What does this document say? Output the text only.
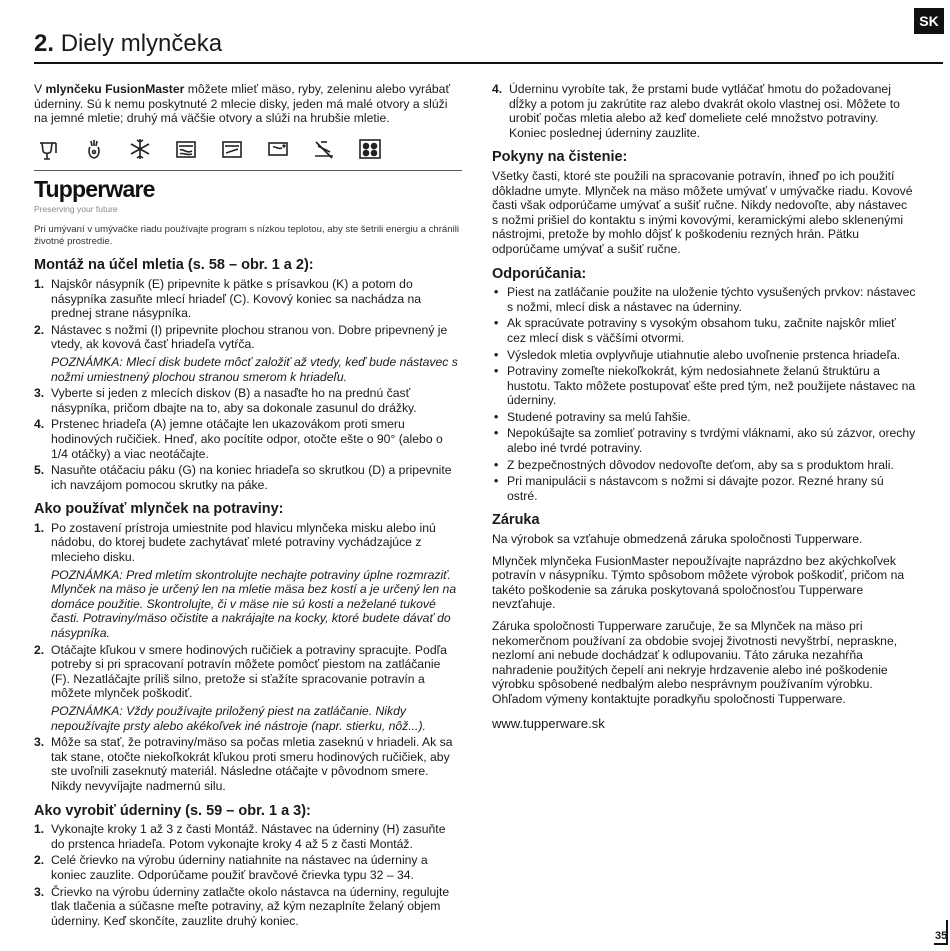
SK
2. Diely mlynčeka

V mlynčeku FusionMaster môžete mlieť mäso, ryby, zeleninu alebo vyrábať úderniny. Sú k nemu poskytnuté 2 mlecie disky, jeden má malé otvory a slúži na jemné mletie; druhý má väčšie otvory a slúži na hrubšie mletie.

Tupperware
Preserving your future
Pri umývaní v umývačke riadu používajte program s nízkou teplotou, aby ste šetrili energiu a chránili životné prostredie.
Montáž na účel mletia (s. 58 – obr. 1 a 2):
1. Najskôr násypník (E) pripevnite k pätke s prísavkou (K) a potom do násypníka zasuňte mlecí hriadeľ (C). Kovový koniec sa nachádza na prednej strane násypníka.
2. Nástavec s nožmi (I) pripevnite plochou stranou von. Dobre pripevnený je vtedy, ak kovová časť hriadeľa vytŕča.
POZNÁMKA: Mlecí disk budete môcť založiť až vtedy, keď bude nástavec s nožmi umiestnený plochou stranou smerom k hriadeľu.
3. Vyberte si jeden z mlecích diskov (B) a nasaďte ho na prednú časť násypníka, pričom dbajte na to, aby sa dokonale zasunul do drážky.
4. Prstenec hriadeľa (A) jemne otáčajte len ukazovákom proti smeru hodinových ručičiek. Hneď, ako pocítite odpor, otočte ešte o 90° (alebo o 1/4 otáčky) a viac neotáčajte.
5. Nasuňte otáčaciu páku (G) na koniec hriadeľa so skrutkou (D) a pripevnite ich navzájom pomocou skrutky na páke.
Ako používať mlynček na potraviny:
1. Po zostavení prístroja umiestnite pod hlavicu mlynčeka misku alebo inú nádobu, do ktorej budete zachytávať mleté potraviny vychádzajúce z mlecieho disku.
POZNÁMKA: Pred mletím skontrolujte nechajte potraviny úplne rozmraziť. Mlynček na mäso je určený len na mletie mäsa bez kostí a je určený len na domáce použitie. Skontrolujte, či v mäse nie sú kosti a neželané tukové časti. Potraviny/mäso očistite a nakrájajte na kocky, ktoré budete dávať do násypníka.
2. Otáčajte kľukou v smere hodinových ručičiek a potraviny spracujte. Podľa potreby si pri spracovaní potravín môžete pomôcť piestom na zatláčanie (F). Nezatláčajte príliš silno, pretože si sťažíte spracovanie potravín a môžete mlynček poškodiť.
POZNÁMKA: Vždy používajte priložený piest na zatláčanie. Nikdy nepoužívajte prsty alebo akékoľvek iné nástroje (napr. stierku, nôž...).
3. Môže sa stať, že potraviny/mäso sa počas mletia zaseknú v hriadeli. Ak sa tak stane, otočte niekoľkokrát kľukou proti smeru hodinových ručičiek, aby ste uvoľnili zaseknutý materiál. Následne otáčajte v pôvodnom smere. Nikdy nevyvíjajte nadmernú silu.
Ako vyrobiť úderniny (s. 59 – obr. 1 a 3):
1. Vykonajte kroky 1 až 3 z časti Montáž. Nástavec na úderniny (H) zasuňte do prstenca hriadeľa. Potom vykonajte kroky 4 až 5 z časti Montáž.
2. Celé črievko na výrobu úderniny natiahnite na nástavec na úderniny a koniec zauzlite. Odporúčame použiť bravčové črievka typu 32 – 34.
3. Črievko na výrobu úderniny zatlačte okolo nástavca na úderniny, regulujte tlak tlačenia a súčasne meľte potraviny, až kým nezaplníte želaný objem úderniny. Keď skončíte, zauzlite druhý koniec.
4. Úderninu vyrobíte tak, že prstami bude vytláčať hmotu do požadovanej dĺžky a potom ju zakrútite raz alebo dvakrát okolo vlastnej osi. Môžete to urobiť počas mletia alebo až keď domeliete celé množstvo potraviny. Koniec poslednej úderniny zauzlite.
Pokyny na čistenie:

Všetky časti, ktoré ste použili na spracovanie potravín, ihneď po ich použití dôkladne umyte. Mlynček na mäso môžete umývať v umývačke riadu. Kovové časti však odporúčame umývať a sušiť ručne. Nikdy nedovoľte, aby nástavec s nožmi prišiel do kontaktu s inými kovovými, keramickými alebo sklenenými nástrojmi, pretože by mohlo dôjsť k poškodeniu rezných hrán. Pätku odporúčame umývať a sušiť ručne.

Odporúčania:
• Piest na zatláčanie použite na uloženie týchto vysušených prvkov: nástavec s nožmi, mlecí disk a nástavec na úderniny.
• Ak spracúvate potraviny s vysokým obsahom tuku, začnite najskôr mlieť cez mlecí disk s väčšími otvormi.
• Výsledok mletia ovplyvňuje utiahnutie alebo uvoľnenie prstenca hriadeľa.
• Potraviny zomeľte niekoľkokrát, kým nedosiahnete želanú štruktúru a hustotu. Takto môžete postupovať ešte pred tým, než použijete nástavec na úderniny.
• Studené potraviny sa melú ľahšie.
• Nepokúšajte sa zomlieť potraviny s tvrdými vláknami, ako sú zázvor, orechy alebo iné tvrdé potraviny.
• Z bezpečnostných dôvodov nedovoľte deťom, aby sa s produktom hrali.
• Pri manipulácii s nástavcom s nožmi si dávajte pozor. Rezné hrany sú ostré.
Záruka

Na výrobok sa vzťahuje obmedzená záruka spoločnosti Tupperware.

Mlynček mlynčeka FusionMaster nepoužívajte naprázdno bez akýchkoľvek potravín v násypníku. Týmto spôsobom môžete výrobok poškodiť, pričom na takéto poškodenie sa záruka poskytovaná spoločnosťou Tupperware nevzťahuje.

Záruka spoločnosti Tupperware zaručuje, že sa Mlynček na mäso pri nekomerčnom používaní za obdobie svojej životnosti nevyštrbí, nepraskne, nezlomí ani nebude dochádzať k odlupovaniu. Táto záruka nezahŕňa nahradenie použitých čepelí ani nekryje hrdzavenie alebo iné poškodenie výrobku spôsobené nedbalým alebo nesprávnym používaním výrobku. Ohľadom výmeny kontaktujte poradkyňu spoločnosti Tupperware.

www.tupperware.sk

35
